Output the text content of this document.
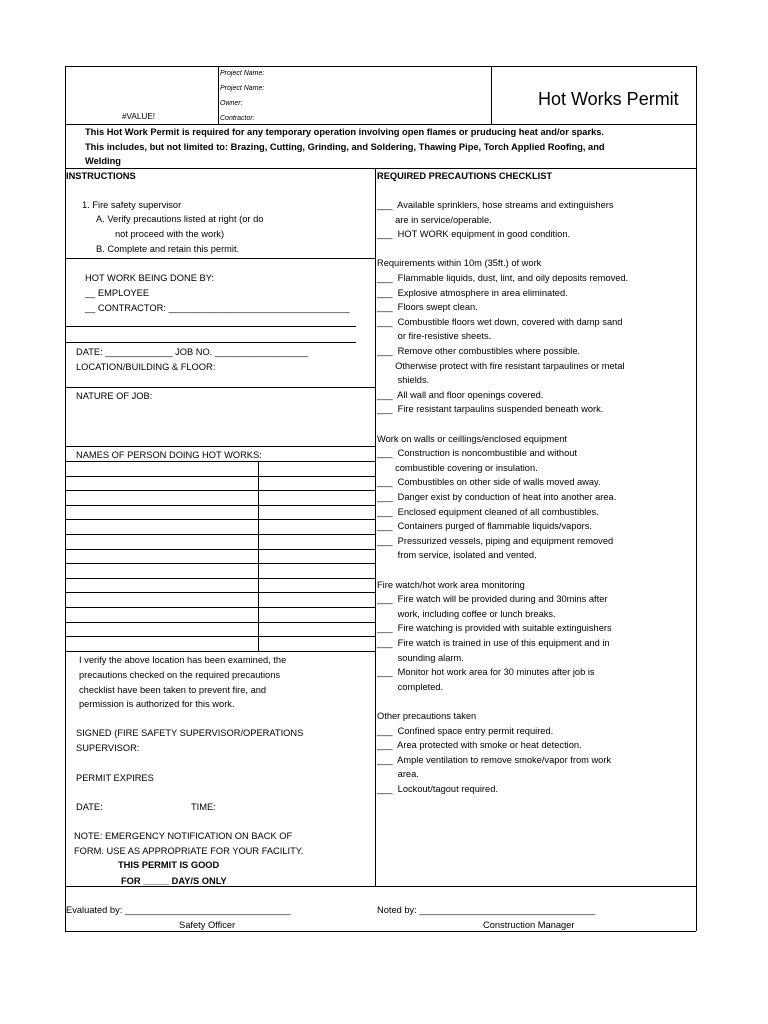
#VALUE!
Project Name:
Project Name:
Owner:
Contractor:
Hot Works Permit
This Hot Work Permit is required for any temporary operation involving open flames or pruducing heat and/or sparks.
This includes, but not limited to: Brazing, Cutting, Grinding, and Soldering, Thawing Pipe, Torch Applied Roofing, and
Welding
INSTRUCTIONS
1. Fire safety supervisor
A. Verify precautions listed at right (or do
not proceed with the work)
B. Complete and retain this permit.
HOT WORK BEING DONE BY:
__ EMPLOYEE
__ CONTRACTOR: ___________________________________
DATE: _____________ JOB NO. __________________
LOCATION/BUILDING & FLOOR:
NATURE OF JOB:
NAMES OF PERSON DOING HOT WORKS:
I verify the above location has been examined, the
precautions checked on the required precautions
checklist have been taken to prevent fire, and
permission is authorized for this work.
SIGNED (FIRE SAFETY SUPERVISOR/OPERATIONS
SUPERVISOR:
PERMIT EXPIRES
DATE:	TIME:
NOTE: EMERGENCY NOTIFICATION ON BACK OF
FORM. USE AS APPROPRIATE FOR YOUR FACILITY.
THIS PERMIT IS GOOD
FOR _____ DAY/S ONLY
REQUIRED PRECAUTIONS CHECKLIST
___  Available sprinklers, hose streams and extinguishers
are in service/operable.
___  HOT WORK equipment in good condition.
Requirements within 10m (35ft.) of work
___  Flammable liquids, dust, lint, and oily deposits removed.
___  Explosive atmosphere in area eliminated.
___  Floors swept clean.
___  Combustible floors wet down, covered with damp sand
or fire-resistive sheets.
___  Remove other combustibles where possible.
Otherwise protect with fire resistant tarpaulines or metal
shields.
___  All wall and floor openings covered.
___  Fire resistant tarpaulins suspended beneath work.
Work on walls or ceillings/enclosed equipment
___  Construction is noncombustible and without
combustible covering or insulation.
___  Combustibles on other side of walls moved away.
___  Danger exist by conduction of heat into another area.
___  Enclosed equipment cleaned of all combustibles.
___  Containers purged of flammable liquids/vapors.
___  Pressurized vessels, piping and equipment removed
from service, isolated and vented.
Fire watch/hot work area monitoring
___  Fire watch will be provided during and 30mins after
work, including coffee or lunch breaks.
___  Fire watching is provided with suitable extinguishers
___  Fire watch is trained in use of this equipment and in
sounding alarm.
___  Monitor hot work area for 30 minutes after job is
completed.
Other precautions taken
___  Confined space entry permit required.
___  Area protected with smoke or heat detection.
___  Ample ventilation to remove smoke/vapor from work
area.
___  Lockout/tagout required.
Evaluated by: ________________________________
Safety Officer
Noted by: __________________________________
Construction Manager
